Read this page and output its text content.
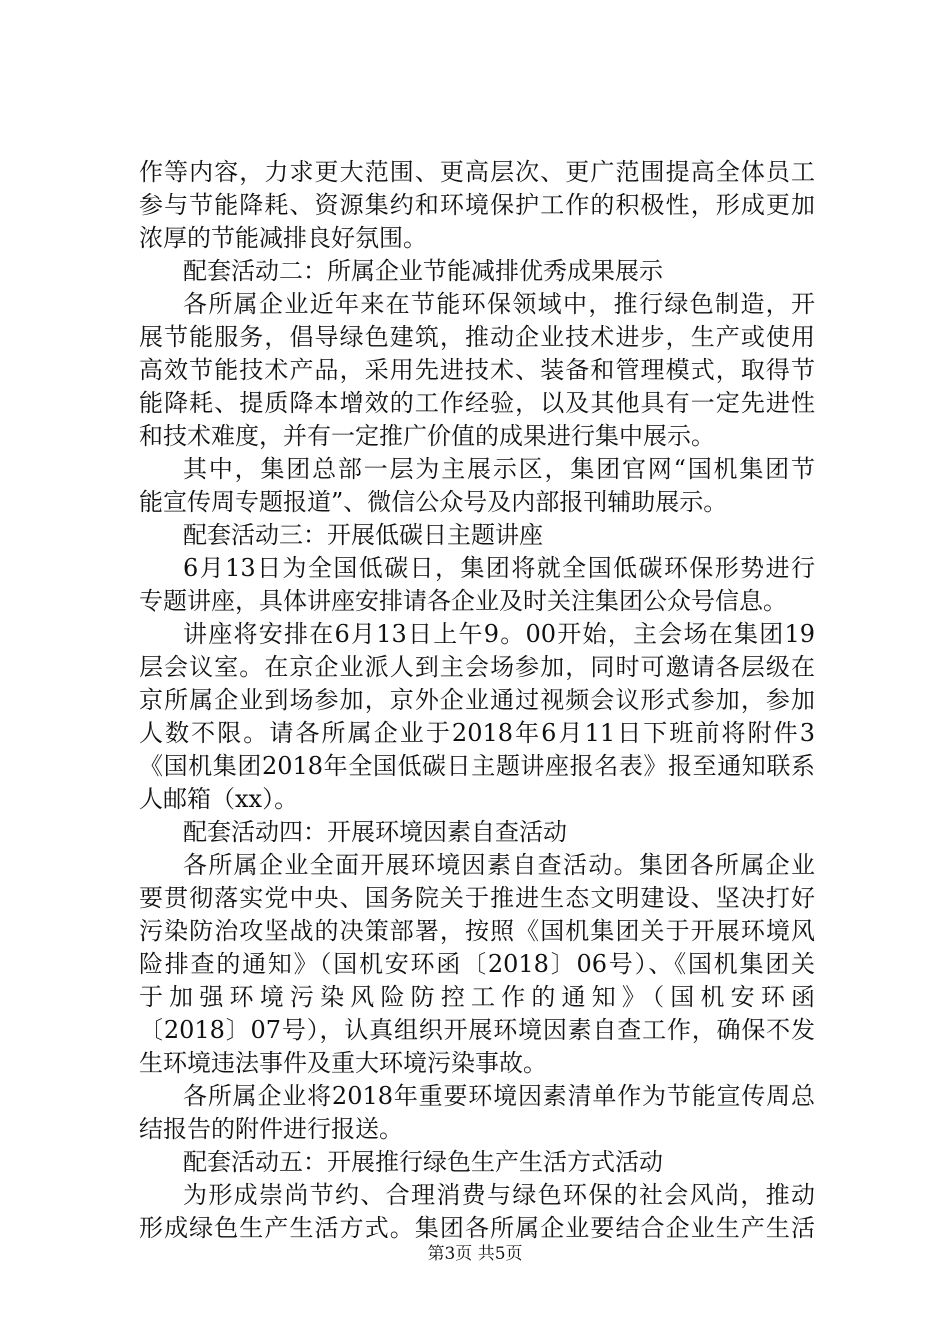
作等内容，力求更大范围、更高层次、更广范围提高全体员工
参与节能降耗、资源集约和环境保护工作的积极性，形成更加
浓厚的节能减排良好氛围。
配套活动二：所属企业节能减排优秀成果展示
各所属企业近年来在节能环保领域中，推行绿色制造，开
展节能服务，倡导绿色建筑，推动企业技术进步，生产或使用
高效节能技术产品，采用先进技术、装备和管理模式，取得节
能降耗、提质降本增效的工作经验，以及其他具有一定先进性
和技术难度，并有一定推广价值的成果进行集中展示。
其中，集团总部一层为主展示区，集团官网“国机集团节
能宣传周专题报道”、微信公众号及内部报刊辅助展示。
配套活动三：开展低碳日主题讲座
6月13日为全国低碳日，集团将就全国低碳环保形势进行
专题讲座，具体讲座安排请各企业及时关注集团公众号信息。
讲座将安排在6月13日上午9。00开始，主会场在集团19
层会议室。在京企业派人到主会场参加，同时可邀请各层级在
京所属企业到场参加，京外企业通过视频会议形式参加，参加
人数不限。请各所属企业于2018年6月11日下班前将附件3
《国机集团2018年全国低碳日主题讲座报名表》报至通知联系
人邮箱（xx）。
配套活动四：开展环境因素自查活动
各所属企业全面开展环境因素自查活动。集团各所属企业
要贯彻落实党中央、国务院关于推进生态文明建设、坚决打好
污染防治攻坚战的决策部署，按照《国机集团关于开展环境风
险排查的通知》（国机安环函〔2018〕06号）、《国机集团关
于加强环境污染风险防控工作的通知》（国机安环函
〔2018〕07号），认真组织开展环境因素自查工作，确保不发
生环境违法事件及重大环境污染事故。
各所属企业将2018年重要环境因素清单作为节能宣传周总
结报告的附件进行报送。
配套活动五：开展推行绿色生产生活方式活动
为形成崇尚节约、合理消费与绿色环保的社会风尚，推动
形成绿色生产生活方式。集团各所属企业要结合企业生产生活
第3页 共5页
